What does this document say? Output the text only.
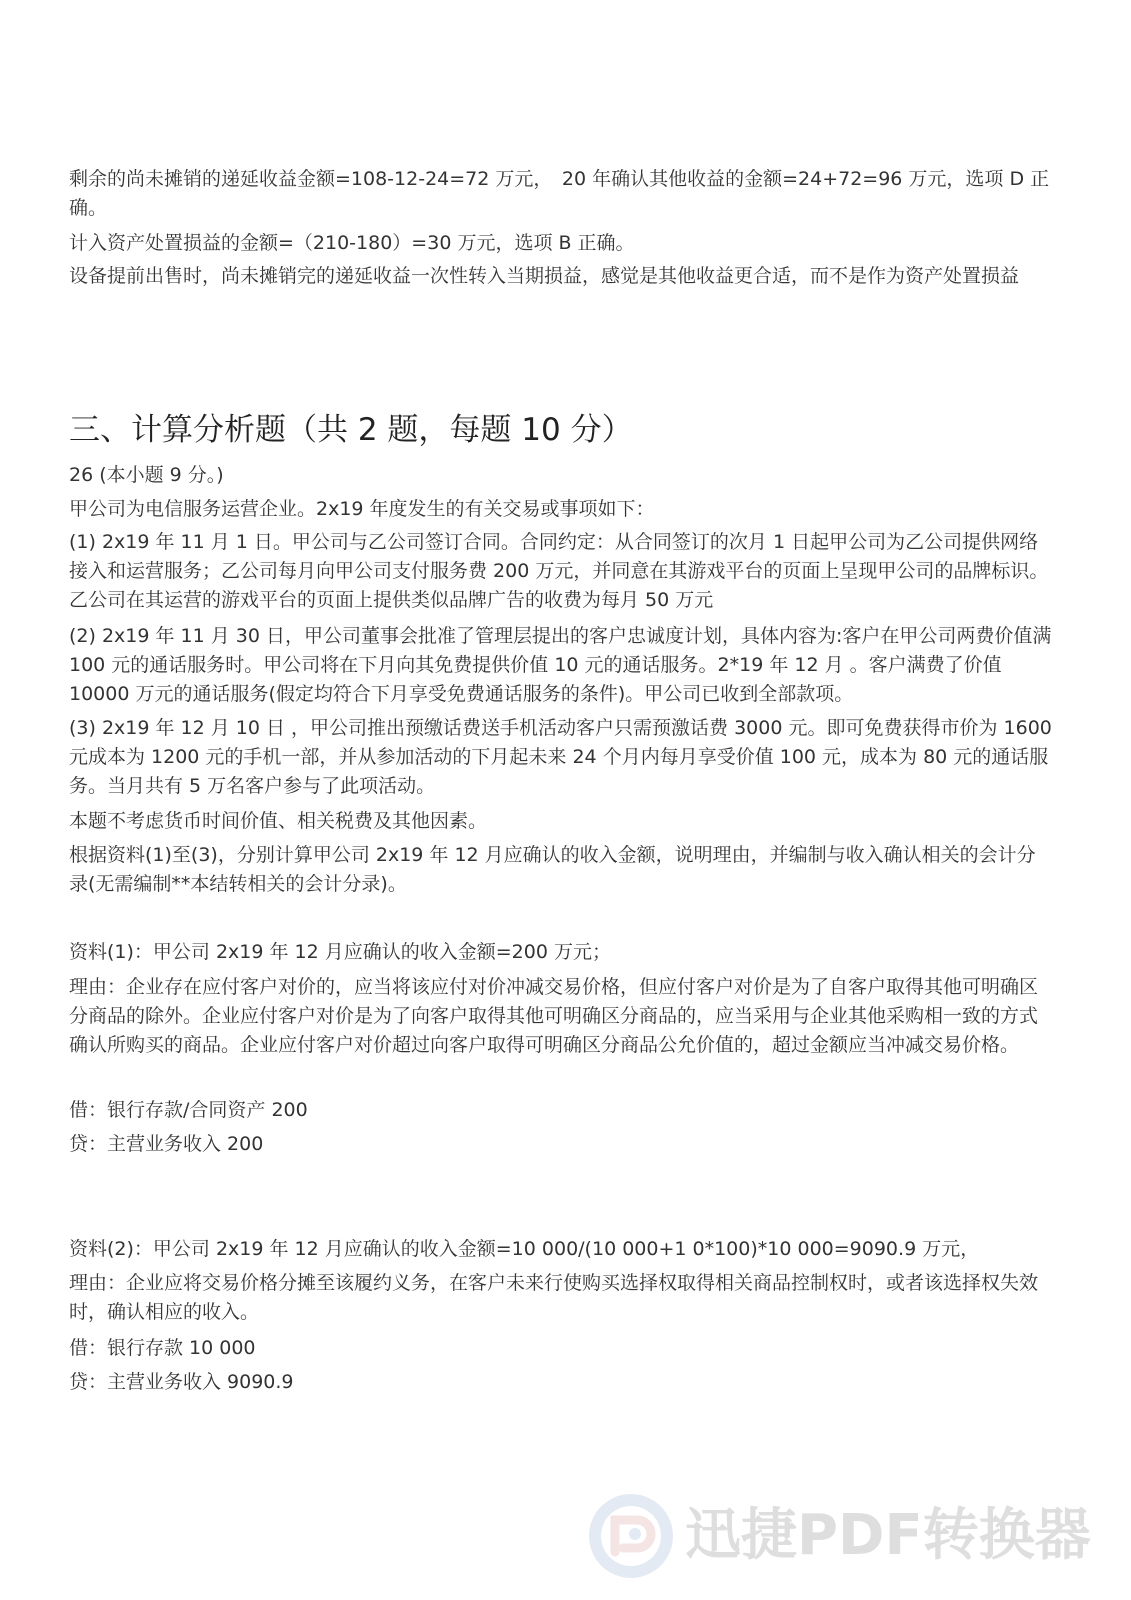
剩余的尚未摊销的递延收益金额=108-12-24=72 万元，　20 年确认其他收益的金额=24+72=96 万元，选项 D 正确。

计入资产处置损益的金额=（210-180）=30 万元，选项 B 正确。

设备提前出售时，尚未摊销完的递延收益一次性转入当期损益，感觉是其他收益更合适，而不是作为资产处置损益

三、计算分析题（共 2 题，每题 10 分）

26 (本小题 9 分。)

甲公司为电信服务运营企业。2x19 年度发生的有关交易或事项如下：

(1) 2x19 年 11 月 1 日。甲公司与乙公司签订合同。合同约定：从合同签订的次月 1 日起甲公司为乙公司提供网络接入和运营服务；乙公司每月向甲公司支付服务费 200 万元，并同意在其游戏平台的页面上呈现甲公司的品牌标识。乙公司在其运营的游戏平台的页面上提供类似品牌广告的收费为每月 50 万元

(2) 2x19 年 11 月 30 日，甲公司董事会批准了管理层提出的客户忠诚度计划，具体内容为:客户在甲公司两费价值满 100 元的通话服务时。甲公司将在下月向其免费提供价值 10 元的通话服务。2*19 年 12 月 。客户满费了价值 10000 万元的通话服务(假定均符合下月享受免费通话服务的条件)。甲公司已收到全部款项。

(3) 2x19 年 12 月 10 日 ，甲公司推出预缴话费送手机活动客户只需预激话费 3000 元。即可免费获得市价为 1600 元成本为 1200 元的手机一部，并从参加活动的下月起未来 24 个月内每月享受价值 100 元，成本为 80 元的通话服务。当月共有 5 万名客户参与了此项活动。

本题不考虑货币时间价值、相关税费及其他因素。

根据资料(1)至(3)，分别计算甲公司 2x19 年 12 月应确认的收入金额，说明理由，并编制与收入确认相关的会计分录(无需编制**本结转相关的会计分录)。

资料(1)：甲公司 2x19 年 12 月应确认的收入金额=200 万元；

理由：企业存在应付客户对价的，应当将该应付对价冲减交易价格，但应付客户对价是为了自客户取得其他可明确区分商品的除外。企业应付客户对价是为了向客户取得其他可明确区分商品的，应当采用与企业其他采购相一致的方式确认所购买的商品。企业应付客户对价超过向客户取得可明确区分商品公允价值的，超过金额应当冲减交易价格。

借：银行存款/合同资产 200

贷：主营业务收入 200

资料(2)：甲公司 2x19 年 12 月应确认的收入金额=10 000/(10 000+1 0*100)*10 000=9090.9 万元，

理由：企业应将交易价格分摊至该履约义务，在客户未来行使购买选择权取得相关商品控制权时，或者该选择权失效时，确认相应的收入。

借：银行存款 10 000

贷：主营业务收入 9090.9

迅捷PDF转换器
